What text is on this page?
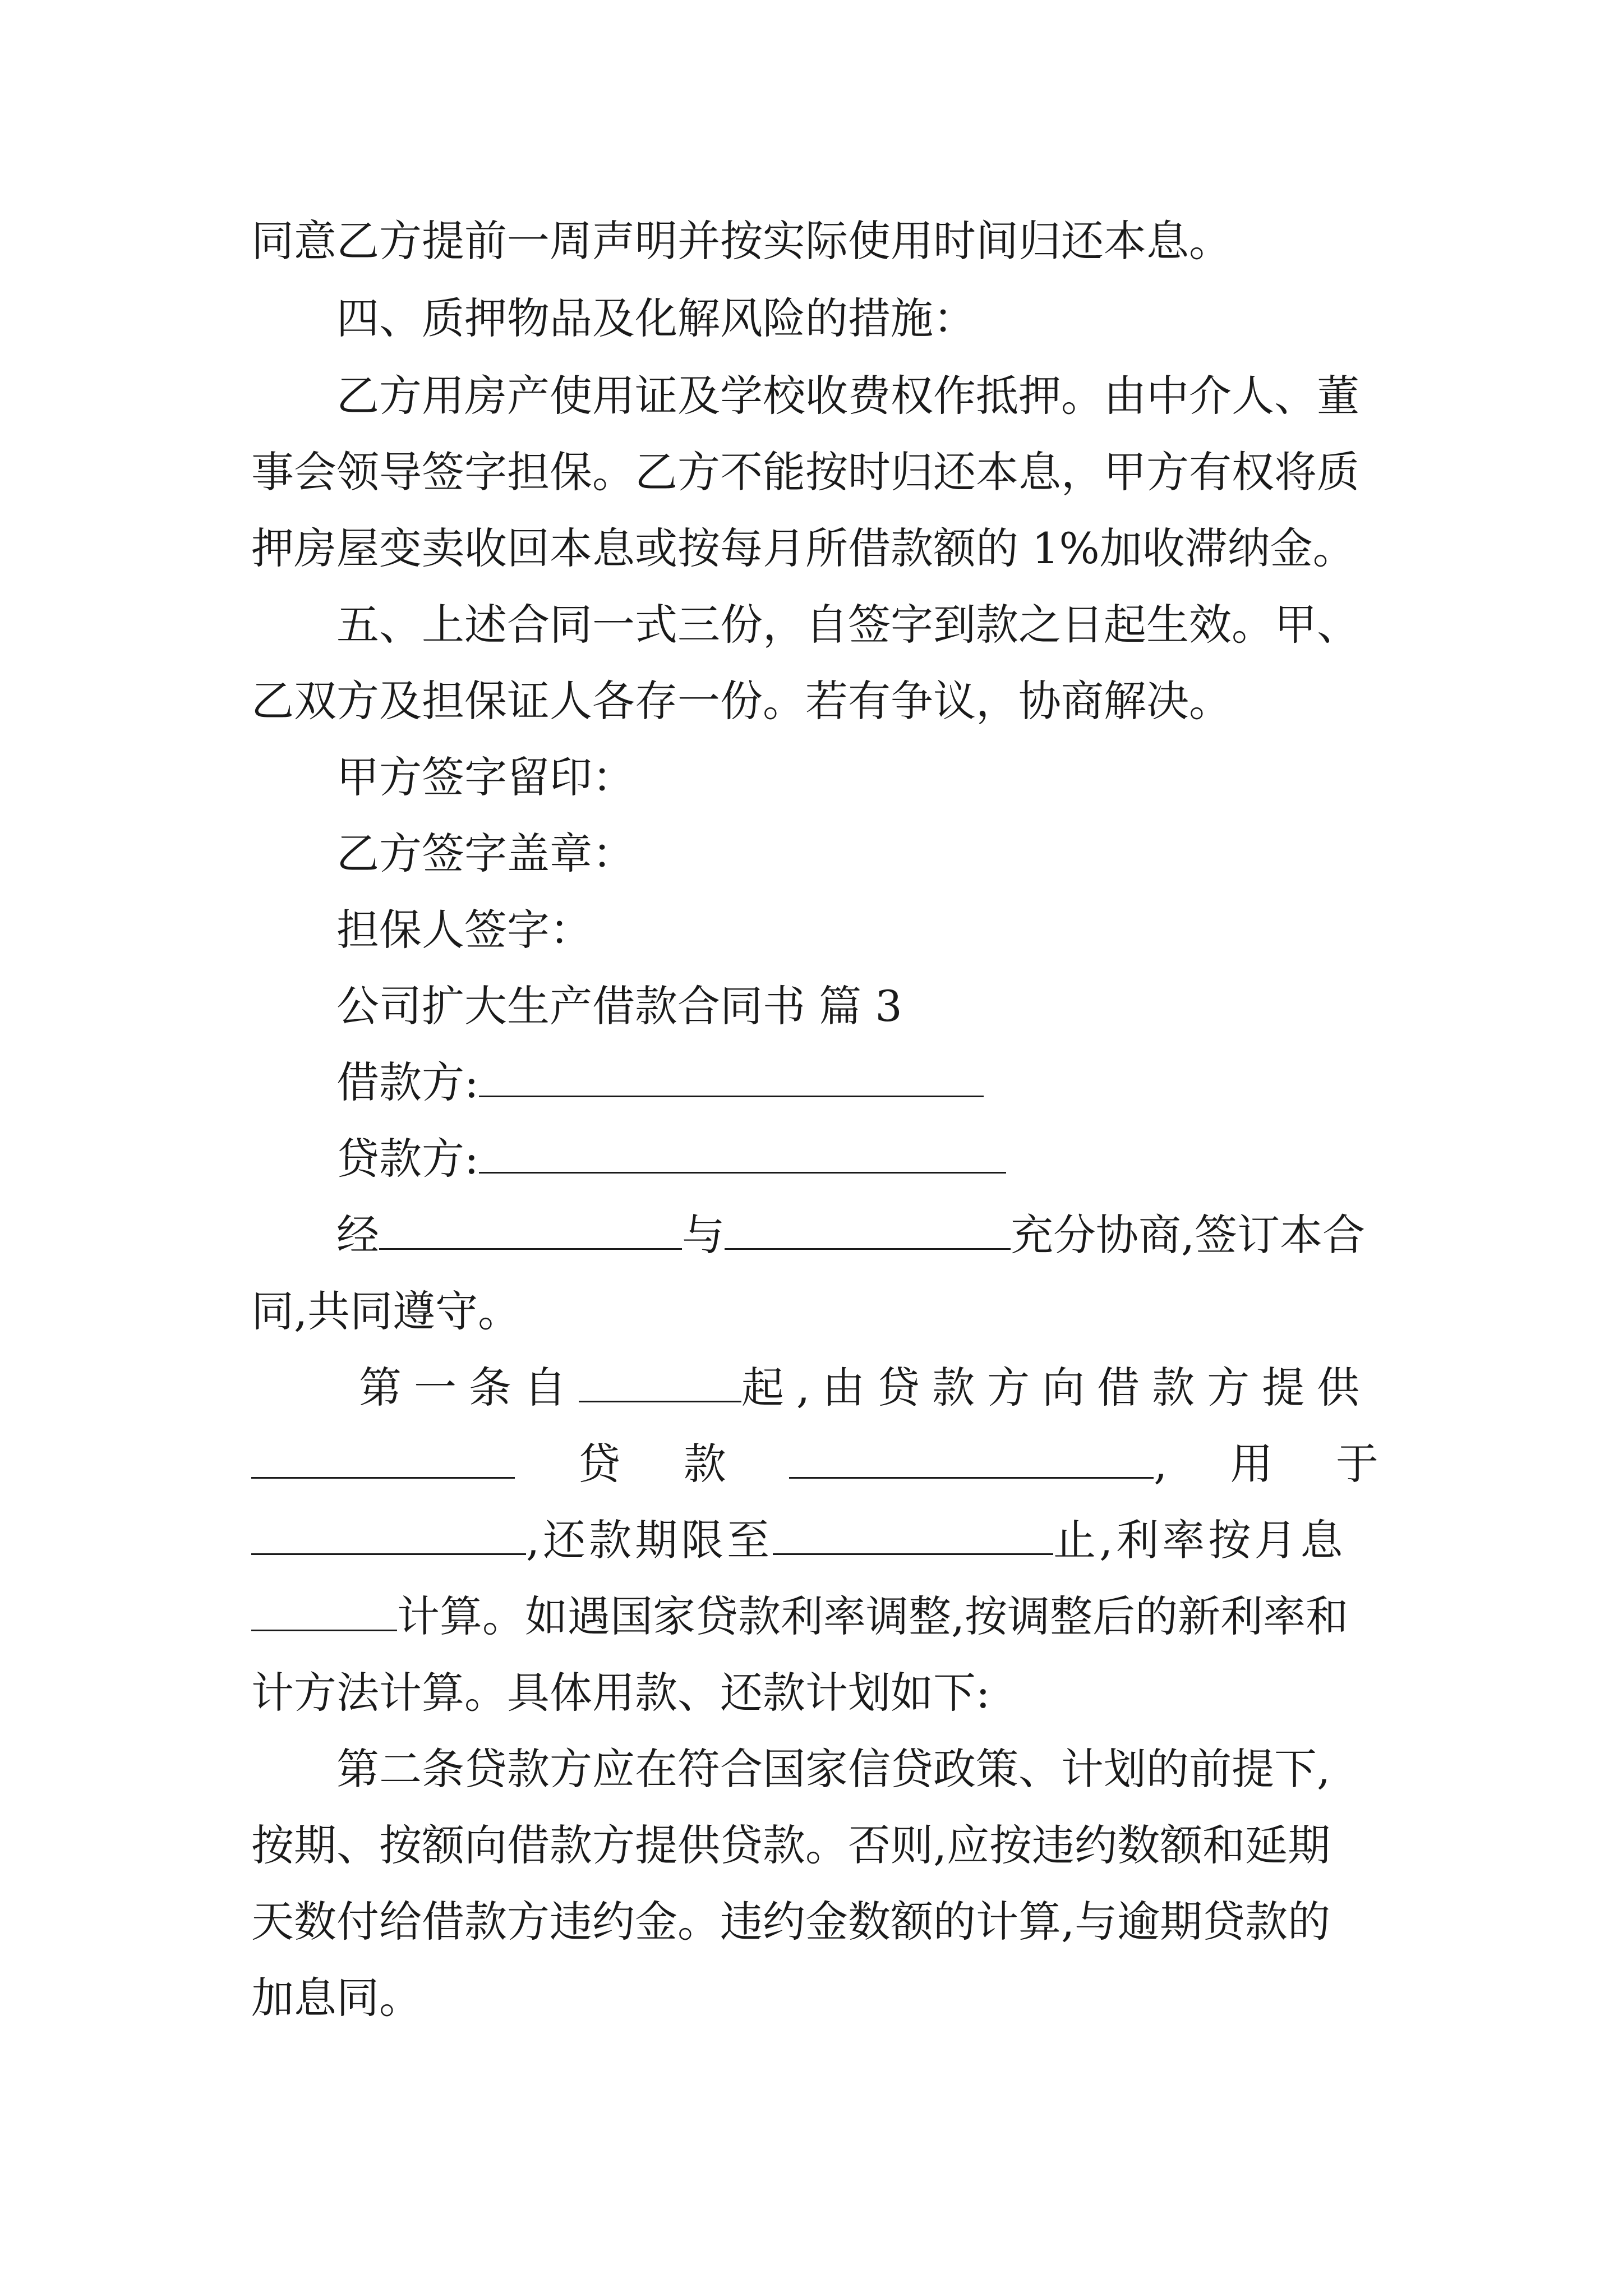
同意乙方提前一周声明并按实际使用时间归还本息。
四、质押物品及化解风险的措施：
乙方用房产使用证及学校收费权作抵押。由中介人、董
事会领导签字担保。乙方不能按时归还本息，甲方有权将质
押房屋变卖收回本息或按每月所借款额的 1%加收滞纳金。
五、上述合同一式三份，自签字到款之日起生效。甲、
乙双方及担保证人各存一份。若有争议，协商解决。
甲方签字留印：
乙方签字盖章：
担保人签字：
公司扩大生产借款合同书 篇 3
借款方:
贷款方:
经	与	充分协商,签订本合
同,共同遵守。
第一条自	起,由贷款方向借款方提供
贷 款	, 用 于
,还款期限至	止,利率按月息
计算。如遇国家贷款利率调整,按调整后的新利率和
计方法计算。具体用款、还款计划如下:
第二条贷款方应在符合国家信贷政策、计划的前提下,
按期、按额向借款方提供贷款。否则,应按违约数额和延期
天数付给借款方违约金。违约金数额的计算,与逾期贷款的
加息同。
